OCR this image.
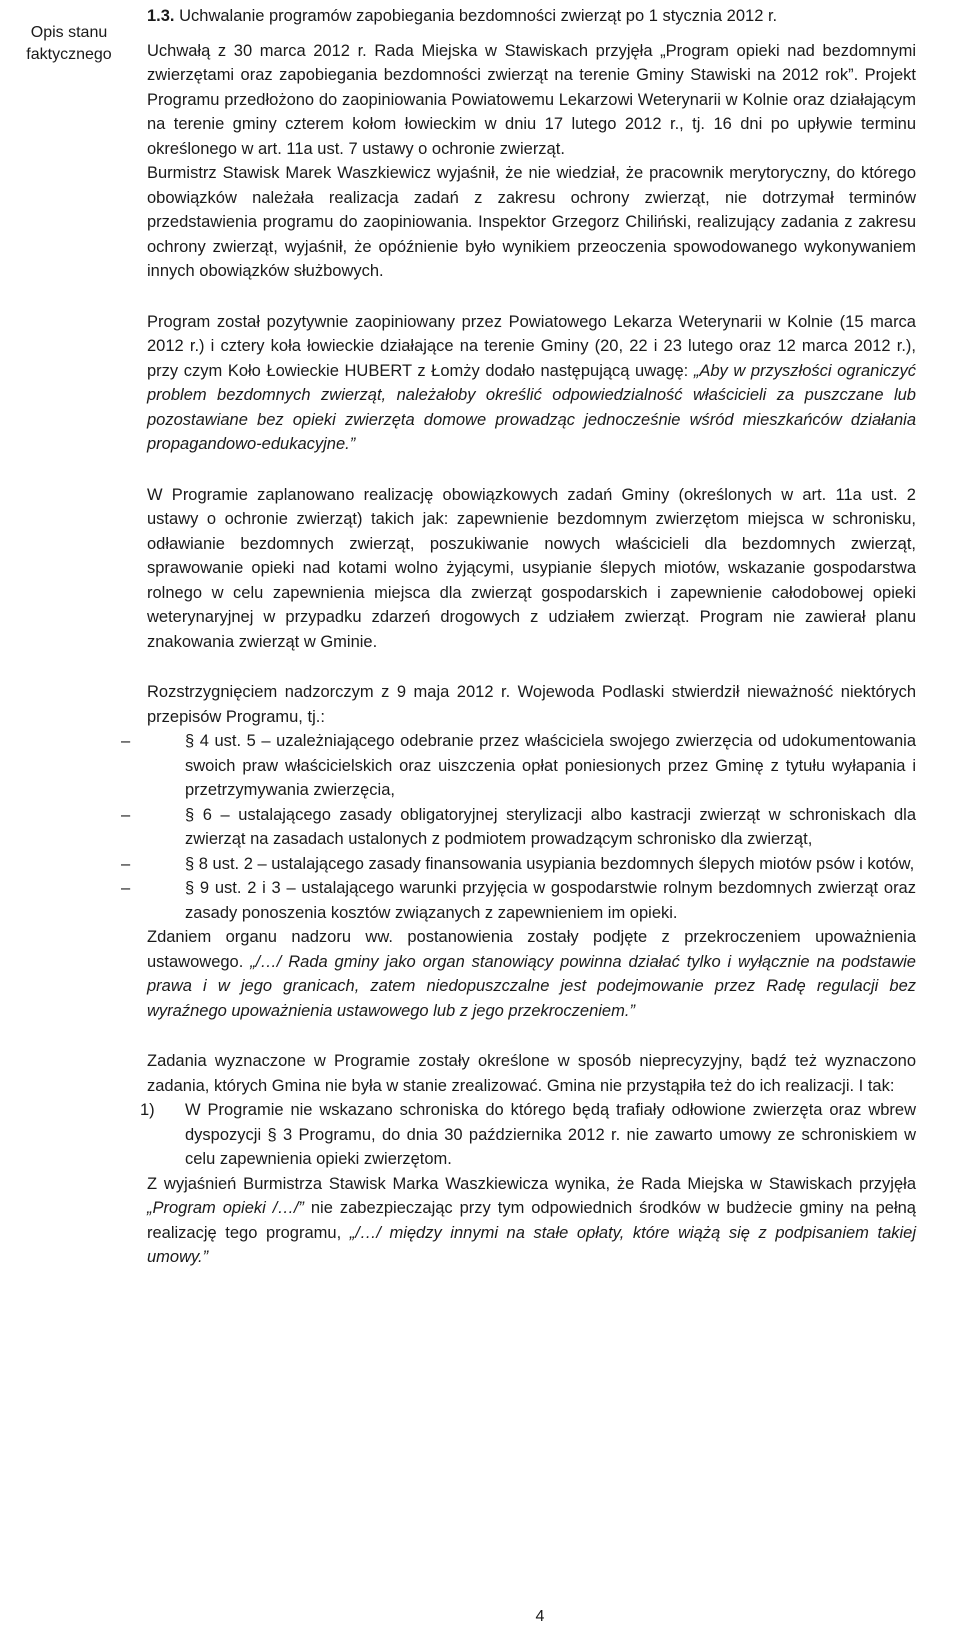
Opis stanu faktycznego
1.3. Uchwalanie programów zapobiegania bezdomności zwierząt po 1 stycznia 2012 r.

Uchwałą z 30 marca 2012 r. Rada Miejska w Stawiskach przyjęła „Program opieki nad bezdomnymi zwierzętami oraz zapobiegania bezdomności zwierząt na terenie Gminy Stawiski na 2012 rok”. Projekt Programu przedłożono do zaopiniowania Powiatowemu Lekarzowi Weterynarii w Kolnie oraz działającym na terenie gminy czterem kołom łowieckim w dniu 17 lutego 2012 r., tj. 16 dni po upływie terminu określonego w art. 11a ust. 7 ustawy o ochronie zwierząt.

Burmistrz Stawisk Marek Waszkiewicz wyjaśnił, że nie wiedział, że pracownik merytoryczny, do którego obowiązków należała realizacja zadań z zakresu ochrony zwierząt, nie dotrzymał terminów przedstawienia programu do zaopiniowania. Inspektor Grzegorz Chiliński, realizujący zadania z zakresu ochrony zwierząt, wyjaśnił, że opóźnienie było wynikiem przeoczenia spowodowanego wykonywaniem innych obowiązków służbowych.

Program został pozytywnie zaopiniowany przez Powiatowego Lekarza Weterynarii w Kolnie (15 marca 2012 r.) i cztery koła łowieckie działające na terenie Gminy (20, 22 i 23 lutego oraz 12 marca 2012 r.), przy czym Koło Łowieckie HUBERT z Łomży dodało następującą uwagę: „Aby w przyszłości ograniczyć problem bezdomnych zwierząt, należałoby określić odpowiedzialność właścicieli za puszczane lub pozostawiane bez opieki zwierzęta domowe prowadząc jednocześnie wśród mieszkańców działania propagandowo-edukacyjne.”

W Programie zaplanowano realizację obowiązkowych zadań Gminy (określonych w art. 11a ust. 2 ustawy o ochronie zwierząt) takich jak: zapewnienie bezdomnym zwierzętom miejsca w schronisku, odławianie bezdomnych zwierząt, poszukiwanie nowych właścicieli dla bezdomnych zwierząt, sprawowanie opieki nad kotami wolno żyjącymi, usypianie ślepych miotów, wskazanie gospodarstwa rolnego w celu zapewnienia miejsca dla zwierząt gospodarskich i zapewnienie całodobowej opieki weterynaryjnej w przypadku zdarzeń drogowych z udziałem zwierząt. Program nie zawierał planu znakowania zwierząt w Gminie.

Rozstrzygnięciem nadzorczym z 9 maja 2012 r. Wojewoda Podlaski stwierdził nieważność niektórych przepisów Programu, tj.:

– § 4 ust. 5 – uzależniającego odebranie przez właściciela swojego zwierzęcia od udokumentowania swoich praw właścicielskich oraz uiszczenia opłat poniesionych przez Gminę z tytułu wyłapania i przetrzymywania zwierzęcia,
– § 6 – ustalającego zasady obligatoryjnej sterylizacji albo kastracji zwierząt w schroniskach dla zwierząt na zasadach ustalonych z podmiotem prowadzącym schronisko dla zwierząt,
– § 8 ust. 2 – ustalającego zasady finansowania usypiania bezdomnych ślepych miotów psów i kotów,
– § 9 ust. 2 i 3 – ustalającego warunki przyjęcia w gospodarstwie rolnym bezdomnych zwierząt oraz zasady ponoszenia kosztów związanych z zapewnieniem im opieki.

Zdaniem organu nadzoru ww. postanowienia zostały podjęte z przekroczeniem upoważnienia ustawowego. „/…/ Rada gminy jako organ stanowiący powinna działać tylko i wyłącznie na podstawie prawa i w jego granicach, zatem niedopuszczalne jest podejmowanie przez Radę regulacji bez wyraźnego upoważnienia ustawowego lub z jego przekroczeniem.”

Zadania wyznaczone w Programie zostały określone w sposób nieprecyzyjny, bądź też wyznaczono zadania, których Gmina nie była w stanie zrealizować. Gmina nie przystąpiła też do ich realizacji. I tak:

1) W Programie nie wskazano schroniska do którego będą trafiały odłowione zwierzęta oraz wbrew dyspozycji § 3 Programu, do dnia 30 października 2012 r. nie zawarto umowy ze schroniskiem w celu zapewnienia opieki zwierzętom.

Z wyjaśnień Burmistrza Stawisk Marka Waszkiewicza wynika, że Rada Miejska w Stawiskach przyjęła „Program opieki /…/” nie zabezpieczając przy tym odpowiednich środków w budżecie gminy na pełną realizację tego programu, „/…/ między innymi na stałe opłaty, które wiążą się z podpisaniem takiej umowy.”

4
